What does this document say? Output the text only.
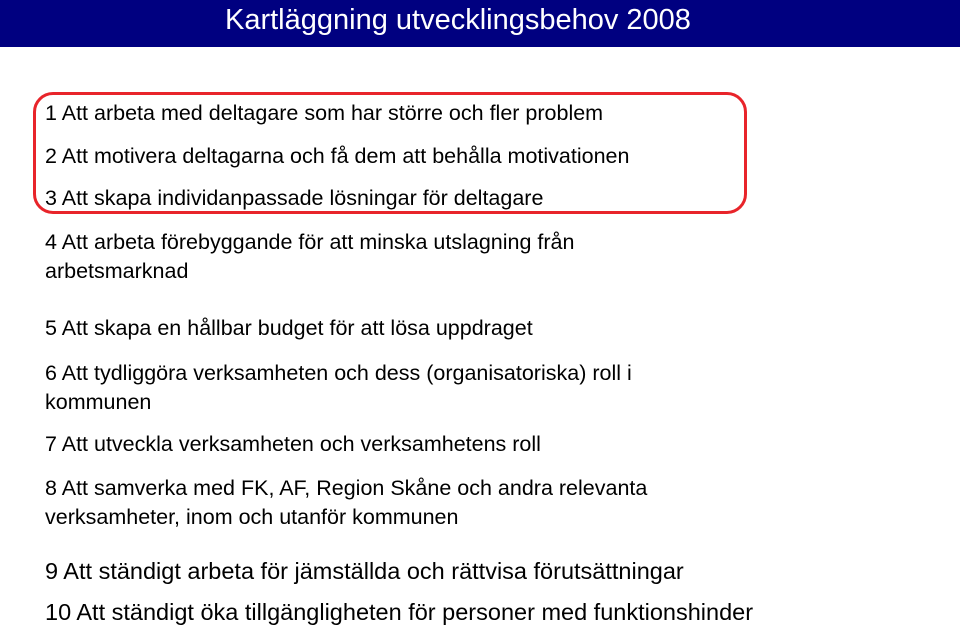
Kartläggning utvecklingsbehov 2008
1 Att arbeta med deltagare som har större och fler problem
2 Att motivera deltagarna och få dem att behålla motivationen
3 Att skapa individanpassade lösningar för deltagare
4 Att arbeta förebyggande för att minska utslagning från
arbetsmarknad
5 Att skapa en hållbar budget för att lösa uppdraget
6 Att tydliggöra verksamheten och dess (organisatoriska) roll i
kommunen
7 Att utveckla verksamheten och verksamhetens roll
8 Att samverka med FK, AF, Region Skåne och andra relevanta
verksamheter, inom och utanför kommunen
9 Att ständigt arbeta för jämställda och rättvisa förutsättningar
10 Att ständigt öka tillgängligheten för personer med funktionshinder
